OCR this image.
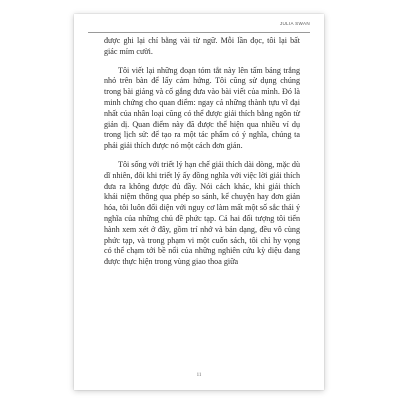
JULIA SWAN

được ghi lại chỉ bằng vài từ ngữ. Mỗi lần đọc, tôi lại bất giác mỉm cười.

Tôi viết lại những đoạn tóm tắt này lên tấm bảng trắng nhỏ trên bàn để lấy cảm hứng. Tôi cũng sử dụng chúng trong bài giảng và cố gắng đưa vào bài viết của mình. Đó là minh chứng cho quan điểm: ngay cả những thành tựu vĩ đại nhất của nhân loại cũng có thể được giải thích bằng ngôn từ giản dị. Quan điểm này đã được thể hiện qua nhiều ví dụ trong lịch sử: để tạo ra một tác phẩm có ý nghĩa, chúng ta phải giải thích được nó một cách đơn giản.

Tôi sống với triết lý hạn chế giải thích dài dòng, mặc dù dĩ nhiên, đôi khi triết lý ấy đồng nghĩa với việc lời giải thích đưa ra không được đủ đầy. Nói cách khác, khi giải thích khái niệm thông qua phép so sánh, kể chuyện hay đơn giản hóa, tôi luôn đối diện với nguy cơ làm mất một số sắc thái ý nghĩa của những chủ đề phức tạp. Cả hai đối tượng tôi tiến hành xem xét ở đây, gồm trí nhớ và bản dạng, đều vô cùng phức tạp, và trong phạm vi một cuốn sách, tôi chỉ hy vọng có thể chạm tới bề nổi của những nghiên cứu kỳ diệu đang được thực hiện trong vùng giao thoa giữa

11
